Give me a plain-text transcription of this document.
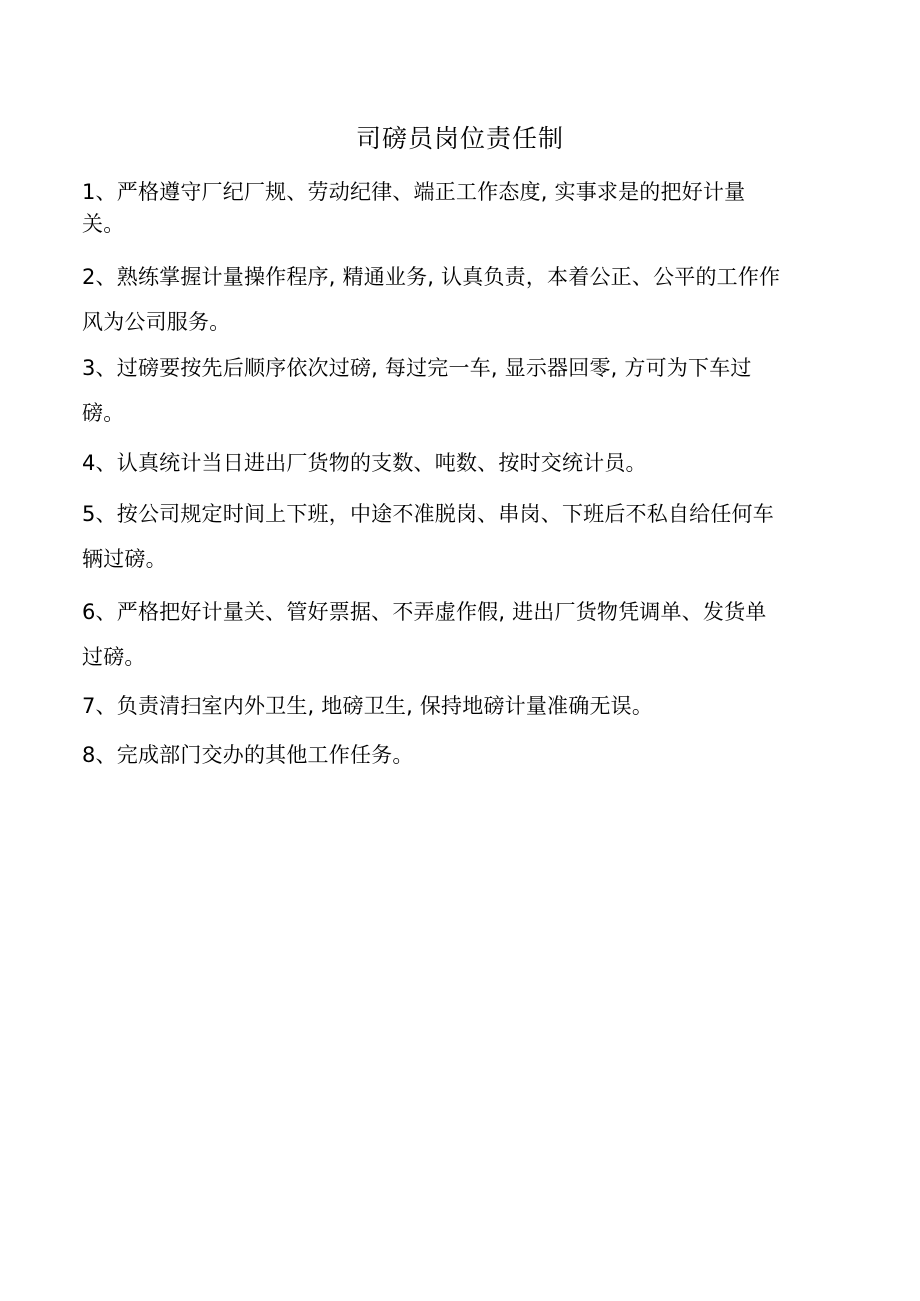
司磅员岗位责任制

1、严格遵守厂纪厂规、劳动纪律、端正工作态度, 实事求是的把好计量
关。

2、熟练掌握计量操作程序, 精通业务, 认真负责，本着公正、公平的工作作
风为公司服务。

3、过磅要按先后顺序依次过磅, 每过完一车, 显示器回零, 方可为下车过
磅。

4、认真统计当日进出厂货物的支数、吨数、按时交统计员。

5、按公司规定时间上下班，中途不准脱岗、串岗、下班后不私自给任何车
辆过磅。

6、严格把好计量关、管好票据、不弄虚作假, 进出厂货物凭调单、发货单
过磅。

7、负责清扫室内外卫生, 地磅卫生, 保持地磅计量准确无误。

8、完成部门交办的其他工作任务。
